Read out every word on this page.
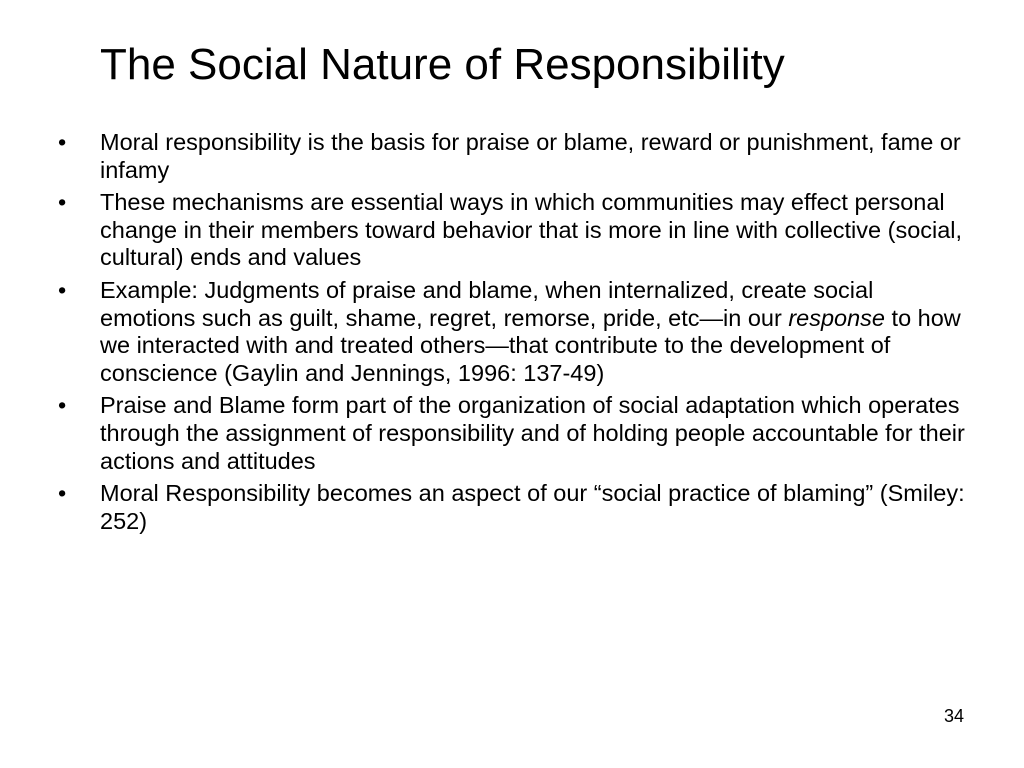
The Social Nature of Responsibility
• Moral responsibility is the basis for praise or blame, reward or punishment, fame or infamy
• These mechanisms are essential ways in which communities may effect personal change in their members toward behavior that is more in line with collective (social, cultural) ends and values
• Example: Judgments of praise and blame, when internalized, create social emotions such as guilt, shame, regret, remorse, pride, etc—in our response to how we interacted with and treated others—that contribute to the development of conscience (Gaylin and Jennings, 1996: 137-49)
• Praise and Blame form part of the organization of social adaptation which operates through the assignment of responsibility and of holding people accountable for their actions and attitudes
• Moral Responsibility becomes an aspect of our “social practice of blaming” (Smiley: 252)
34
